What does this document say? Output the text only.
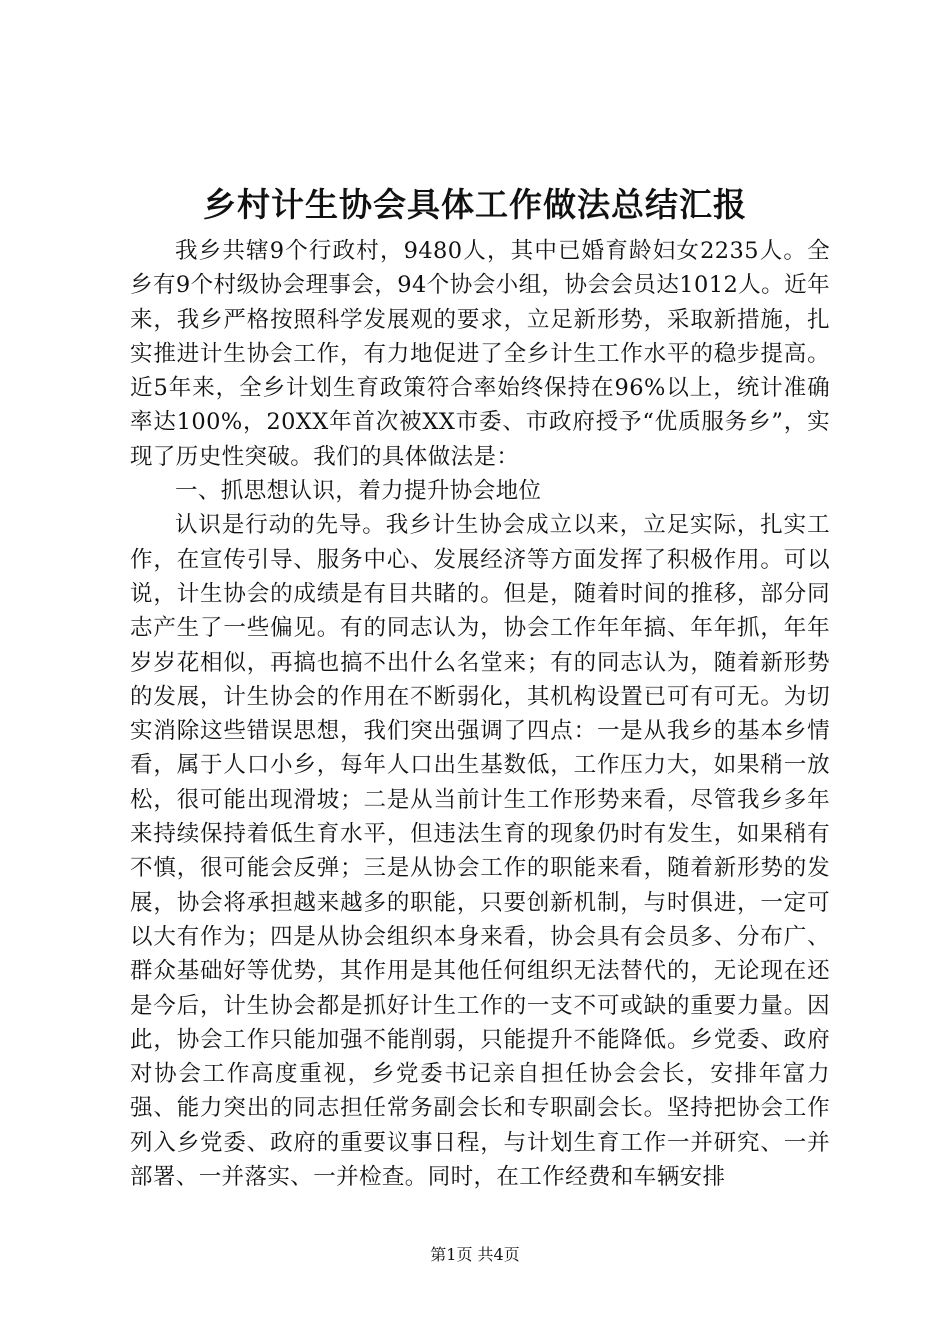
乡村计生协会具体工作做法总结汇报

我乡共辖9个行政村，9480人，其中已婚育龄妇女2235人。全乡有9个村级协会理事会，94个协会小组，协会会员达1012人。近年来，我乡严格按照科学发展观的要求，立足新形势，采取新措施，扎实推进计生协会工作，有力地促进了全乡计生工作水平的稳步提高。近5年来，全乡计划生育政策符合率始终保持在96%以上，统计准确率达100%，20XX年首次被XX市委、市政府授予“优质服务乡”，实现了历史性突破。我们的具体做法是：

一、抓思想认识，着力提升协会地位

认识是行动的先导。我乡计生协会成立以来，立足实际，扎实工作，在宣传引导、服务中心、发展经济等方面发挥了积极作用。可以说，计生协会的成绩是有目共睹的。但是，随着时间的推移，部分同志产生了一些偏见。有的同志认为，协会工作年年搞、年年抓，年年岁岁花相似，再搞也搞不出什么名堂来；有的同志认为，随着新形势的发展，计生协会的作用在不断弱化，其机构设置已可有可无。为切实消除这些错误思想，我们突出强调了四点：一是从我乡的基本乡情看，属于人口小乡，每年人口出生基数低，工作压力大，如果稍一放松，很可能出现滑坡；二是从当前计生工作形势来看，尽管我乡多年来持续保持着低生育水平，但违法生育的现象仍时有发生，如果稍有不慎，很可能会反弹；三是从协会工作的职能来看，随着新形势的发展，协会将承担越来越多的职能，只要创新机制，与时俱进，一定可以大有作为；四是从协会组织本身来看，协会具有会员多、分布广、群众基础好等优势，其作用是其他任何组织无法替代的，无论现在还是今后，计生协会都是抓好计生工作的一支不可或缺的重要力量。因此，协会工作只能加强不能削弱，只能提升不能降低。乡党委、政府对协会工作高度重视，乡党委书记亲自担任协会会长，安排年富力强、能力突出的同志担任常务副会长和专职副会长。坚持把协会工作列入乡党委、政府的重要议事日程，与计划生育工作一并研究、一并部署、一并落实、一并检查。同时，在工作经费和车辆安排

第1页 共4页
